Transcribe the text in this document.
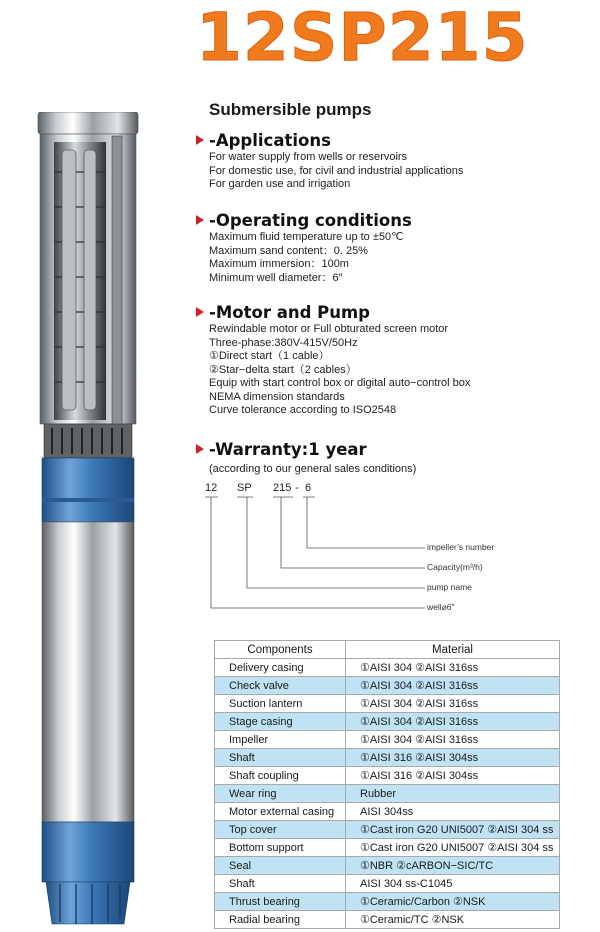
12SP215
Submersible pumps
-Applications
For water supply from wells or reservoirs
For domestic use, for civil and industrial applications
For garden use and irrigation
-Operating conditions
Maximum fluid temperature up to ±50℃
Maximum sand content：0. 25%
Maximum immersion：100m
Minimum well diameter：6″
-Motor and Pump
Rewindable motor or Full obturated screen motor
Three-phase:380V-415V/50Hz
①Direct start（1 cable）
②Star−delta start（2 cables）
Equip with start control box or digital auto−control box
NEMA dimension standards
Curve tolerance according to ISO2548
-Warranty:1 year
(according to our general sales conditions)
12 SP 215 - 6
impeller’s number
Capacity(m³/h)
pump name
well⌀6″
Components	Material
Delivery casing	①AISI 304 ②AISI 316ss
Check valve	①AISI 304 ②AISI 316ss
Suction lantern	①AISI 304 ②AISI 316ss
Stage casing	①AISI 304 ②AISI 316ss
Impeller	①AISI 304 ②AISI 316ss
Shaft	①AISI 316 ②AISI 304ss
Shaft coupling	①AISI 316 ②AISI 304ss
Wear ring	Rubber
Motor external casing	AISI 304ss
Top cover	①Cast iron G20 UNI5007 ②AISI 304 ss
Bottom support	①Cast iron G20 UNI5007 ②AISI 304 ss
Seal	①NBR ②cARBON−SIC/TC
Shaft	AISI 304 ss-C1045
Thrust bearing	①Ceramic/Carbon ②NSK
Radial bearing	①Ceramic/TC ②NSK
